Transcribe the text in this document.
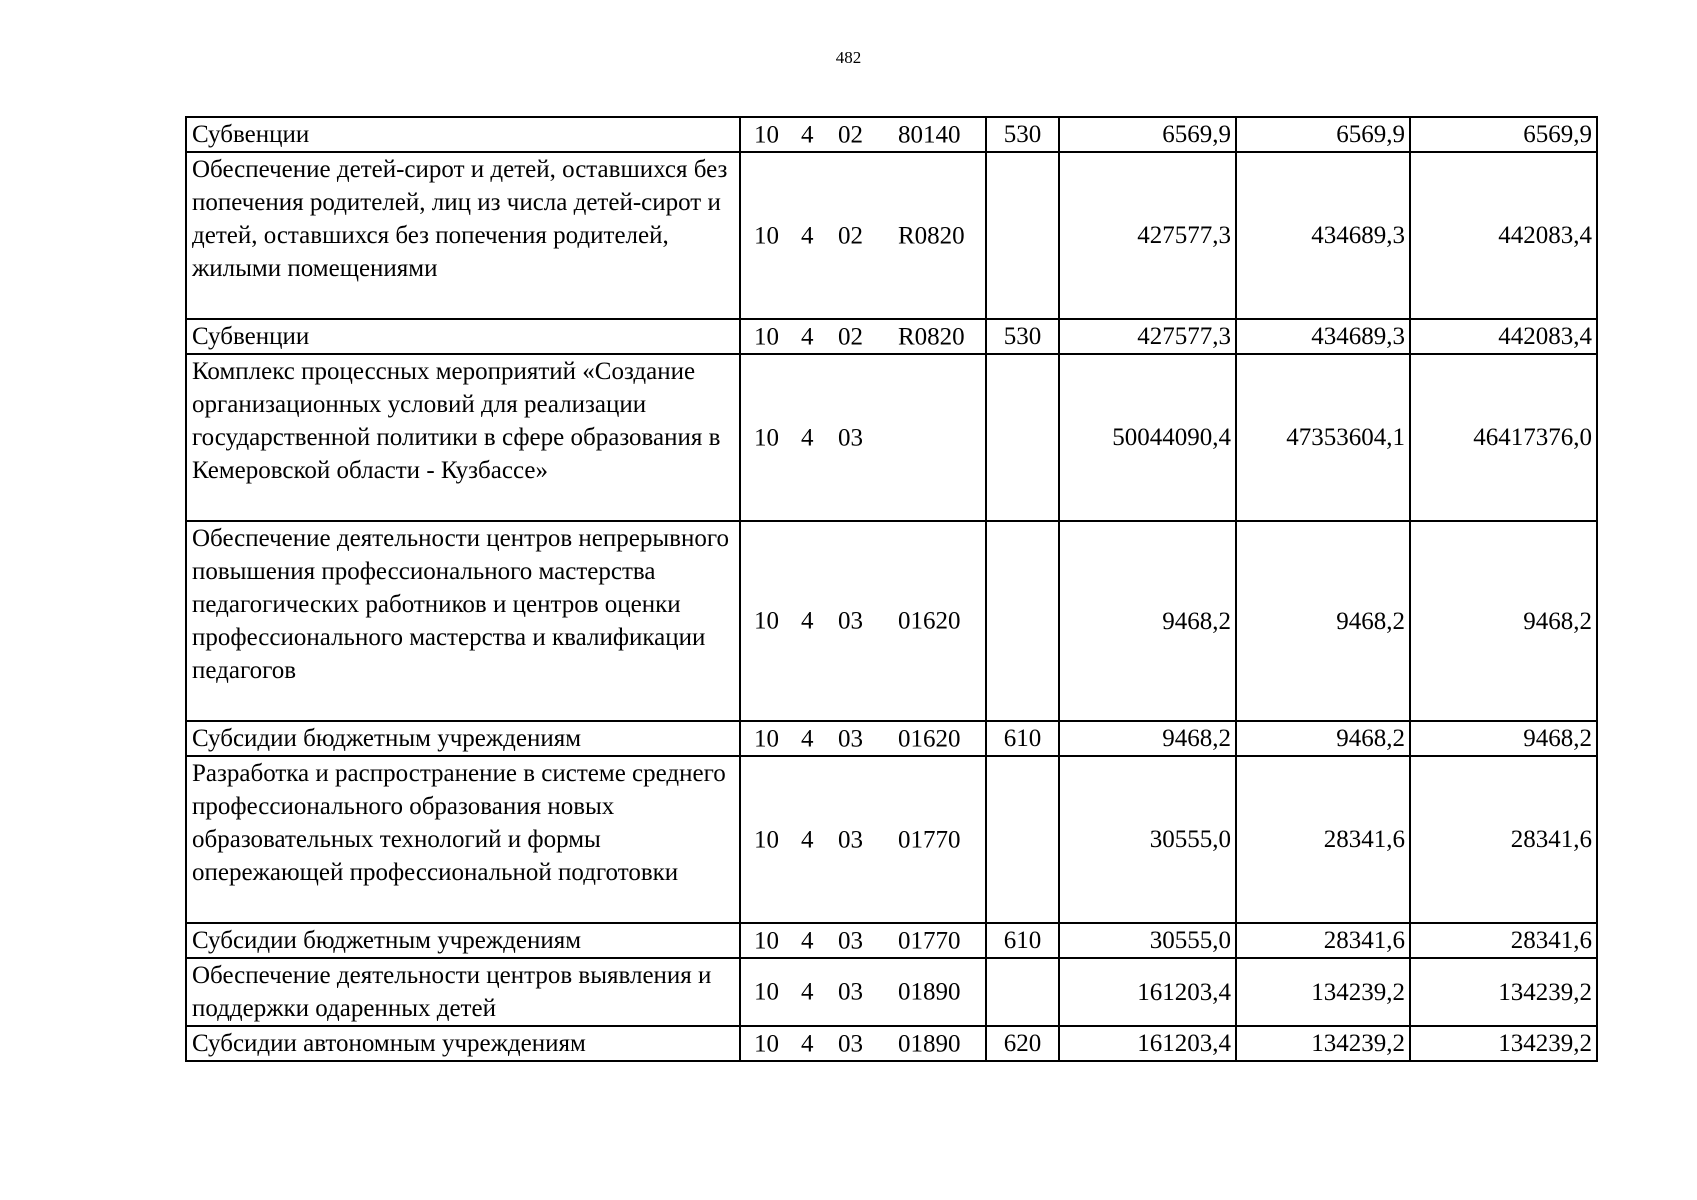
482
Субвенции	10 4 02 80140	530	6569,9	6569,9	6569,9
Обеспечение детей-сирот и детей, оставшихся без попечения родителей, лиц из числа детей-сирот и детей, оставшихся без попечения родителей, жилыми помещениями	10 4 02 R0820		427577,3	434689,3	442083,4
Субвенции	10 4 02 R0820	530	427577,3	434689,3	442083,4
Комплекс процессных мероприятий «Создание организационных условий для реализации государственной политики в сфере образования в Кемеровской области - Кузбассе»	10 4 03		50044090,4	47353604,1	46417376,0
Обеспечение деятельности центров непрерывного повышения профессионального мастерства педагогических работников и центров оценки профессионального мастерства и квалификации педагогов	10 4 03 01620		9468,2	9468,2	9468,2
Субсидии бюджетным учреждениям	10 4 03 01620	610	9468,2	9468,2	9468,2
Разработка и распространение в системе среднего профессионального образования новых образовательных технологий и формы опережающей профессиональной подготовки	10 4 03 01770		30555,0	28341,6	28341,6
Субсидии бюджетным учреждениям	10 4 03 01770	610	30555,0	28341,6	28341,6
Обеспечение деятельности центров выявления и поддержки одаренных детей	10 4 03 01890		161203,4	134239,2	134239,2
Субсидии автономным учреждениям	10 4 03 01890	620	161203,4	134239,2	134239,2
